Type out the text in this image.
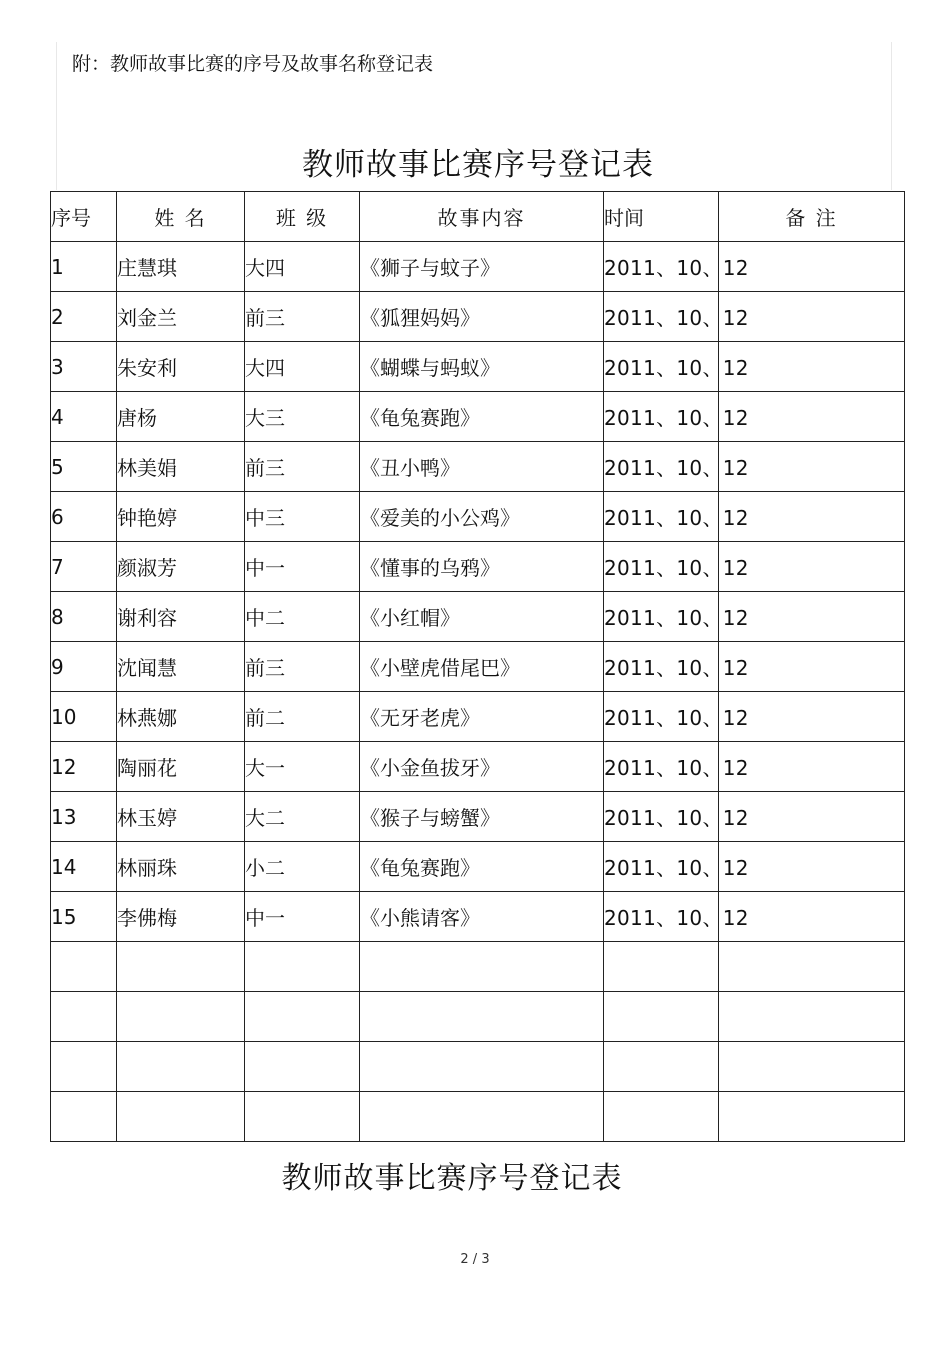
附：教师故事比赛的序号及故事名称登记表
教师故事比赛序号登记表
序号	姓 名	班 级	故事内容	时间	备 注
1	庄慧琪	大四	《狮子与蚊子》	2011、10、12	
2	刘金兰	前三	《狐狸妈妈》	2011、10、12	
3	朱安利	大四	《蝴蝶与蚂蚁》	2011、10、12	
4	唐杨	大三	《龟兔赛跑》	2011、10、12	
5	林美娟	前三	《丑小鸭》	2011、10、12	
6	钟艳婷	中三	《爱美的小公鸡》	2011、10、12	
7	颜淑芳	中一	《懂事的乌鸦》	2011、10、12	
8	谢利容	中二	《小红帽》	2011、10、12	
9	沈闻慧	前三	《小壁虎借尾巴》	2011、10、12	
10	林燕娜	前二	《无牙老虎》	2011、10、12	
12	陶丽花	大一	《小金鱼拔牙》	2011、10、12	
13	林玉婷	大二	《猴子与螃蟹》	2011、10、12	
14	林丽珠	小二	《龟兔赛跑》	2011、10、12	
15	李佛梅	中一	《小熊请客》	2011、10、12	

教师故事比赛序号登记表
2 / 3
